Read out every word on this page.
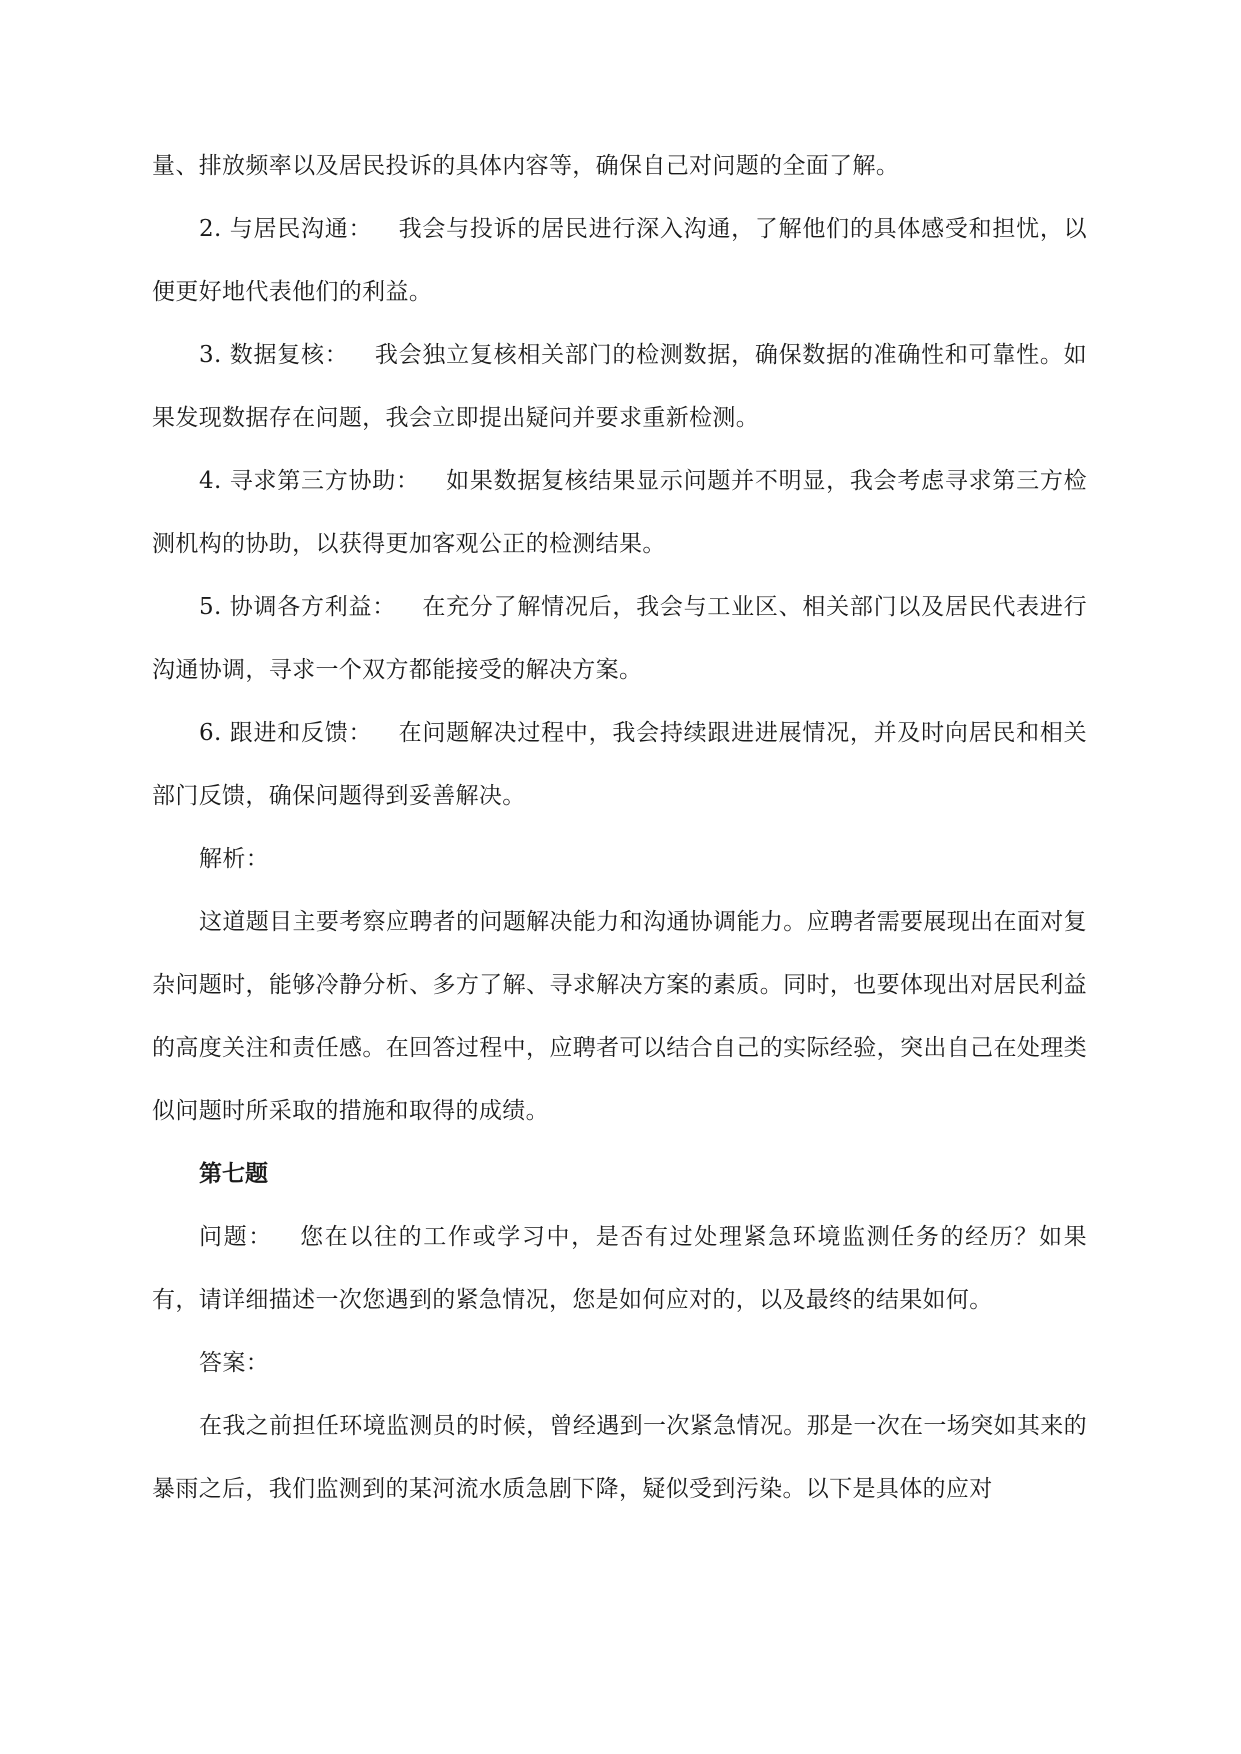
量、排放频率以及居民投诉的具体内容等，确保自己对问题的全面了解。

2. 与居民沟通： 我会与投诉的居民进行深入沟通，了解他们的具体感受和担忧，以便更好地代表他们的利益。

3. 数据复核： 我会独立复核相关部门的检测数据，确保数据的准确性和可靠性。如果发现数据存在问题，我会立即提出疑问并要求重新检测。

4. 寻求第三方协助： 如果数据复核结果显示问题并不明显，我会考虑寻求第三方检测机构的协助，以获得更加客观公正的检测结果。

5. 协调各方利益： 在充分了解情况后，我会与工业区、相关部门以及居民代表进行沟通协调，寻求一个双方都能接受的解决方案。

6. 跟进和反馈： 在问题解决过程中，我会持续跟进进展情况，并及时向居民和相关部门反馈，确保问题得到妥善解决。

解析：

这道题目主要考察应聘者的问题解决能力和沟通协调能力。应聘者需要展现出在面对复杂问题时，能够冷静分析、多方了解、寻求解决方案的素质。同时，也要体现出对居民利益的高度关注和责任感。在回答过程中，应聘者可以结合自己的实际经验，突出自己在处理类似问题时所采取的措施和取得的成绩。

第七题

问题： 您在以往的工作或学习中，是否有过处理紧急环境监测任务的经历？如果有，请详细描述一次您遇到的紧急情况，您是如何应对的，以及最终的结果如何。

答案：

在我之前担任环境监测员的时候，曾经遇到一次紧急情况。那是一次在一场突如其来的暴雨之后，我们监测到的某河流水质急剧下降，疑似受到污染。以下是具体的应对
